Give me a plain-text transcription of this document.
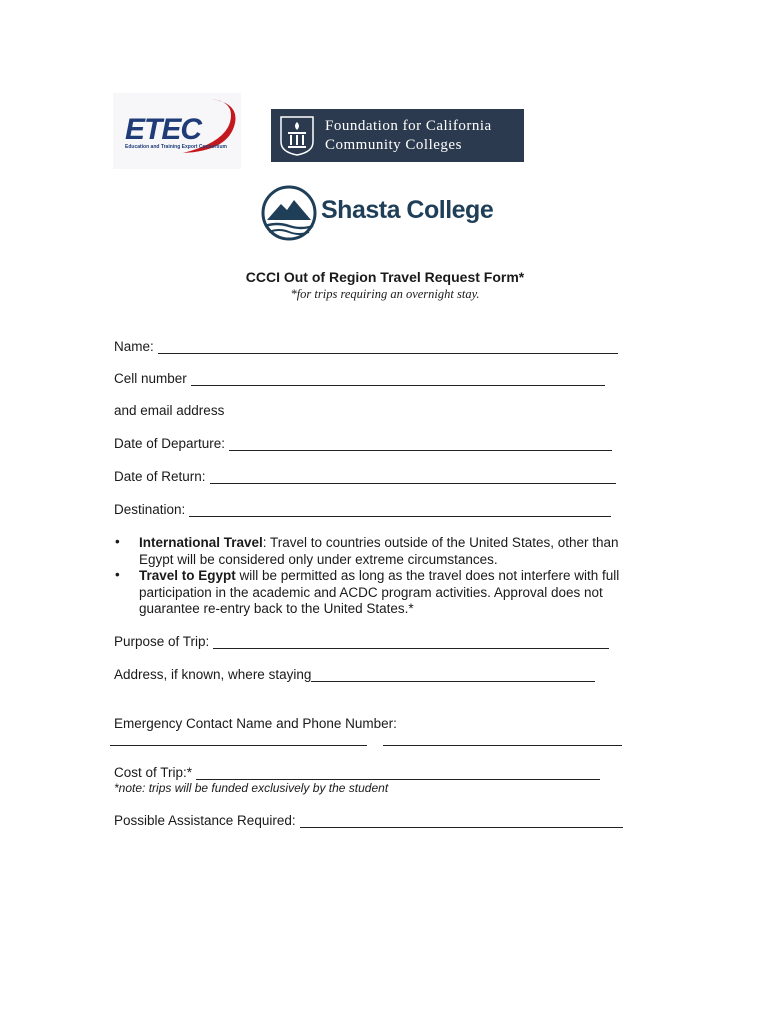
ETEC
Education and Training Export Consortium
Foundation for California
Community Colleges
Shasta College
CCCI Out of Region Travel Request Form*
*for trips requiring an overnight stay.
Name:
Cell number
and email address
Date of Departure:
Date of Return:
Destination:
• International Travel: Travel to countries outside of the United States, other than Egypt will be considered only under extreme circumstances.
• Travel to Egypt will be permitted as long as the travel does not interfere with full participation in the academic and ACDC program activities. Approval does not guarantee re-entry back to the United States.*
Purpose of Trip:
Address, if known, where staying
Emergency Contact Name and Phone Number:
Cost of Trip:*
*note: trips will be funded exclusively by the student
Possible Assistance Required:
